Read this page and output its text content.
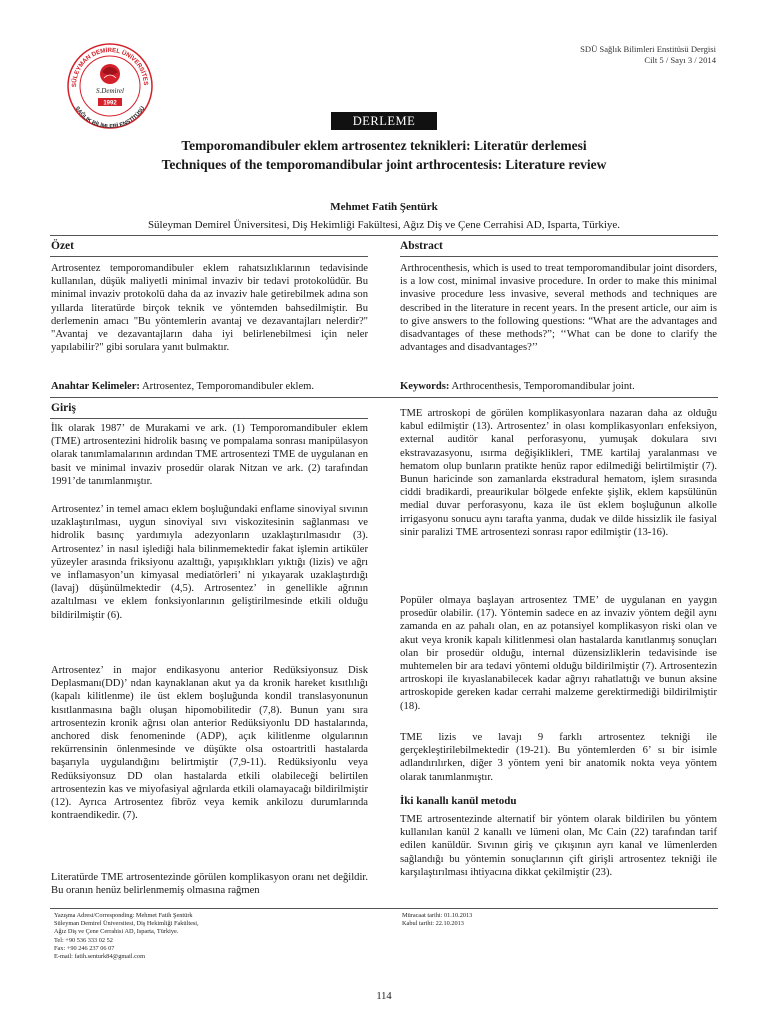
SDÜ Sağlık Bilimleri Enstitüsü Dergisi
Cilt 5 / Sayı 3 / 2014
SÜLEYMAN DEMİREL ÜNİVERSİTES
SAĞLIK BİLİMLERİ ENSTİTÜSÜ
S.Demirel
1992
DERLEME
Temporomandibuler eklem artrosentez teknikleri: Literatür derlemesi
Techniques of the temporomandibular joint arthrocentesis: Literature review
Mehmet Fatih Şentürk
Süleyman Demirel Üniversitesi, Diş Hekimliği Fakültesi, Ağız Diş ve Çene Cerrahisi AD, Isparta, Türkiye.
Özet
Artrosentez temporomandibuler eklem rahatsızlıklarının tedavisinde kullanılan, düşük maliyetli minimal invaziv bir tedavi protokolüdür. Bu minimal invaziv protokolü daha da az invaziv hale getirebilmek adına son yıllarda literatürde birçok teknik ve yöntemden bahsedilmiştir. Bu derlemenin amacı "Bu yöntemlerin avantaj ve dezavantajları nelerdir?" "Avantaj ve dezavantajların daha iyi belirlenebilmesi için neler yapılabilir?" gibi sorulara yanıt bulmaktır.
Anahtar Kelimeler: Artrosentez, Temporomandibuler eklem.
Abstract
Arthrocenthesis, which is used to treat temporomandibular joint disorders, is a low cost, minimal invasive procedure. In order to make this minimal invasive procedure less invasive, several methods and techniques are described in the literature in recent years. In the present article, our aim is to give answers to the following questions: “What are the advantages and disadvantages of these methods?”; ‘‘What can be done to clarify the advantages and disadvantages?’’
Keywords: Arthrocenthesis, Temporomandibular joint.
Giriş
İlk olarak 1987’ de Murakami ve ark. (1) Temporomandibuler eklem (TME) artrosentezini hidrolik basınç ve pompalama sonrası manipülasyon olarak tanımlamalarının ardından TME artrosentezi TME de uygulanan en basit ve minimal invaziv prosedür olarak Nitzan ve ark. (2) tarafından 1991’de tanımlanmıştır.
Artrosentez’ in temel amacı eklem boşluğundaki enflame sinoviyal sıvının uzaklaştırılması, uygun sinoviyal sıvı viskozitesinin sağlanması ve hidrolik basınç yardımıyla adezyonların uzaklaştırılmasıdır (3). Artrosentez’ in nasıl işlediği hala bilinmemektedir fakat işlemin artiküler yüzeyler arasında friksiyonu azalttığı, yapışıklıkları yıktığı (lizis) ve ağrı ve inflamasyon’un kimyasal mediatörleri’ ni yıkayarak uzaklaştırdığı (lavaj) düşünülmektedir (4,5). Artrosentez’ in genellikle ağrının azaltılması ve eklem fonksiyonlarının geliştirilmesinde etkili olduğu bildirilmiştir (6).
Artrosentez’ in major endikasyonu anterior Redüksiyonsuz Disk Deplasmanı(DD)’ ndan kaynaklanan akut ya da kronik hareket kısıtlılığı (kapalı kilitlenme) ile üst eklem boşluğunda kondil translasyonunun kısıtlanmasına bağlı oluşan hipomobilitedir (7,8). Bunun yanı sıra artrosentezin kronik ağrısı olan anterior Redüksiyonlu DD hastalarında, anchored disk fenomeninde (ADP), açık kilitlenme olgularının rekürrensinin önlenmesinde ve düşükte olsa ostoartritli hastalarda başarıyla uygulandığını belirtmiştir (7,9-11). Redüksiyonlu veya Redüksiyonsuz DD olan hastalarda etkili olabileceği belirtilen artrosentezin kas ve miyofasiyal ağrılarda etkili olamayacağı bildirilmiştir (12). Ayrıca Artrosentez fibröz veya kemik ankilozu durumlarında kontraendikedir. (7).
Literatürde TME artrosentezinde görülen komplikasyon oranı net değildir. Bu oranın henüz belirlenmemiş olmasına rağmen
TME artroskopi de görülen komplikasyonlara nazaran daha az olduğu kabul edilmiştir (13). Artrosentez’ in olası komplikasyonları enfeksiyon, external auditör kanal perforasyonu, yumuşak dokulara sıvı ekstravazasyonu, ısırma değişiklikleri, TME kartilaj yaralanması ve hematom olup bunların pratikte henüz rapor edilmediği belirtilmiştir (7). Bunun haricinde son zamanlarda ekstradural hematom, işlem sırasında ciddi bradikardi, preaurikular bölgede enfekte şişlik, eklem kapsülünün medial duvar perforasyonu, kaza ile üst eklem boşluğunun alkolle irrigasyonu sonucu aynı tarafta yanma, dudak ve dilde hissizlik ile fasiyal sinir paralizi TME artrosentezi sonrası rapor edilmiştir (13-16).
Popüler olmaya başlayan artrosentez TME’ de uygulanan en yaygın prosedür olabilir. (17). Yöntemin sadece en az invaziv yöntem değil aynı zamanda en az pahalı olan, en az potansiyel komplikasyon riski olan ve akut veya kronik kapalı kilitlenmesi olan hastalarda kanıtlanmış sonuçları olan bir prosedür olduğu, internal düzensizliklerin tedavisinde ise muhtemelen bir ara tedavi yöntemi olduğu bildirilmiştir (7). Artrosentezin artroskopi ile kıyaslanabilecek kadar ağrıyı rahatlattığı ve bunun aksine artroskopide gereken kadar cerrahi malzeme gerektirmediği bildirilmiştir (18).
TME lizis ve lavajı 9 farklı artrosentez tekniği ile gerçekleştirilebilmektedir (19-21). Bu yöntemlerden 6’ sı bir isimle adlandırılırken, diğer 3 yöntem yeni bir anatomik nokta veya yöntem olarak tanımlanmıştır.
İki kanallı kanül metodu
TME artrosentezinde alternatif bir yöntem olarak bildirilen bu yöntem kullanılan kanül 2 kanallı ve lümeni olan, Mc Cain (22) tarafından tarif edilen kanüldür. Sıvının giriş ve çıkışının ayrı kanal ve lümenlerden sağlandığı bu yöntemin sonuçlarının çift girişli artrosentez tekniği ile karşılaştırılması ihtiyacına dikkat çekilmiştir (23).
Yazışma Adresi/Corresponding: Mehmet Fatih Şentürk
Süleyman Demirel Üniversitesi, Diş Hekimliği Fakültesi,
Ağız Diş ve Çene Cerrahisi AD, Isparta, Türkiye.
Tel: +90 536 333 02 52
Fax: +90 246 237 06 07
E-mail: fatih.senturk84@gmail.com
Müracaat tarihi: 01.10.2013
Kabul tarihi: 22.10.2013
114
